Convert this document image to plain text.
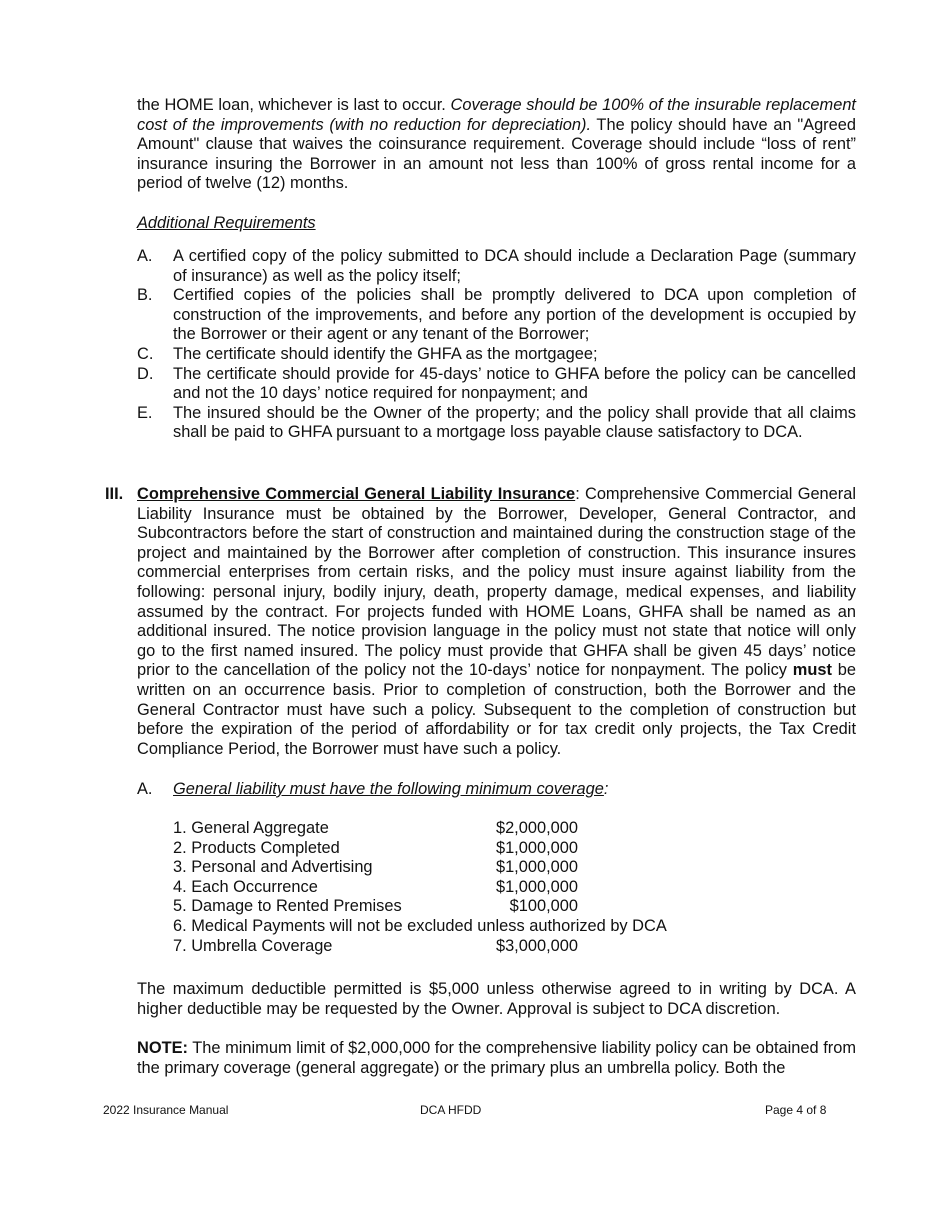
the HOME loan, whichever is last to occur. Coverage should be 100% of the insurable replacement cost of the improvements (with no reduction for depreciation). The policy should have an "Agreed Amount" clause that waives the coinsurance requirement. Coverage should include “loss of rent” insurance insuring the Borrower in an amount not less than 100% of gross rental income for a period of twelve (12) months.

Additional Requirements
A. A certified copy of the policy submitted to DCA should include a Declaration Page (summary of insurance) as well as the policy itself;
B. Certified copies of the policies shall be promptly delivered to DCA upon completion of construction of the improvements, and before any portion of the development is occupied by the Borrower or their agent or any tenant of the Borrower;
C. The certificate should identify the GHFA as the mortgagee;
D. The certificate should provide for 45-days’ notice to GHFA before the policy can be cancelled and not the 10 days’ notice required for nonpayment; and
E. The insured should be the Owner of the property; and the policy shall provide that all claims shall be paid to GHFA pursuant to a mortgage loss payable clause satisfactory to DCA.
III. Comprehensive Commercial General Liability Insurance: Comprehensive Commercial General Liability Insurance must be obtained by the Borrower, Developer, General Contractor, and Subcontractors before the start of construction and maintained during the construction stage of the project and maintained by the Borrower after completion of construction. This insurance insures commercial enterprises from certain risks, and the policy must insure against liability from the following: personal injury, bodily injury, death, property damage, medical expenses, and liability assumed by the contract. For projects funded with HOME Loans, GHFA shall be named as an additional insured. The notice provision language in the policy must not state that notice will only go to the first named insured. The policy must provide that GHFA shall be given 45 days’ notice prior to the cancellation of the policy not the 10-days’ notice for nonpayment. The policy must be written on an occurrence basis. Prior to completion of construction, both the Borrower and the General Contractor must have such a policy. Subsequent to the completion of construction but before the expiration of the period of affordability or for tax credit only projects, the Tax Credit Compliance Period, the Borrower must have such a policy.

A. General liability must have the following minimum coverage:
1. General Aggregate	$2,000,000
2. Products Completed	$1,000,000
3. Personal and Advertising	$1,000,000
4. Each Occurrence	$1,000,000
5. Damage to Rented Premises	$100,000
6. Medical Payments will not be excluded unless authorized by DCA
7. Umbrella Coverage	$3,000,000

The maximum deductible permitted is $5,000 unless otherwise agreed to in writing by DCA. A higher deductible may be requested by the Owner. Approval is subject to DCA discretion.

NOTE: The minimum limit of $2,000,000 for the comprehensive liability policy can be obtained from the primary coverage (general aggregate) or the primary plus an umbrella policy. Both the

2022 Insurance Manual	DCA HFDD	Page 4 of 8
